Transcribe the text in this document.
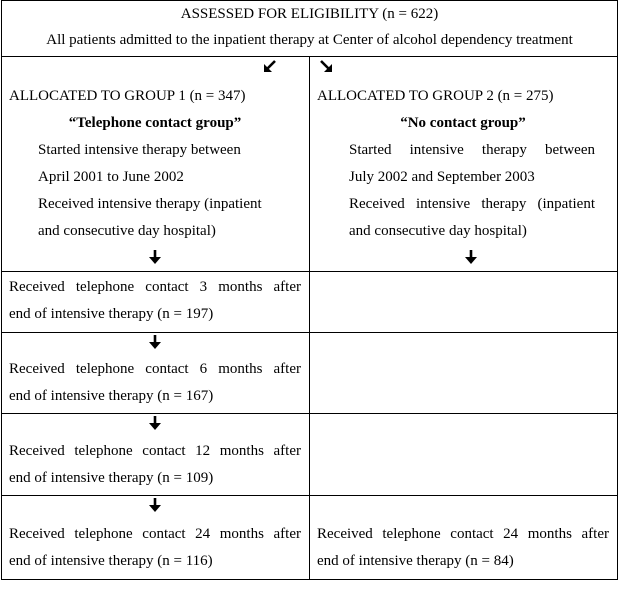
ASSESSED FOR ELIGIBILITY (n = 622)
All patients admitted to the inpatient therapy at Center of alcohol dependency treatment
ALLOCATED TO GROUP 1 (n = 347)
“Telephone contact group”
Started intensive therapy between
April 2001 to June 2002
Received intensive therapy (inpatient
and consecutive day hospital)
ALLOCATED TO GROUP 2 (n = 275)
“No contact group”
Started intensive therapy between
July 2002 and September 2003
Received intensive therapy (inpatient
and consecutive day hospital)
Received telephone contact 3 months after
end of intensive therapy (n = 197)
Received telephone contact 6 months after
end of intensive therapy (n = 167)
Received telephone contact 12 months after
end of intensive therapy (n = 109)
Received telephone contact 24 months after
end of intensive therapy (n = 116)
Received telephone contact 24 months after
end of intensive therapy (n = 84)
